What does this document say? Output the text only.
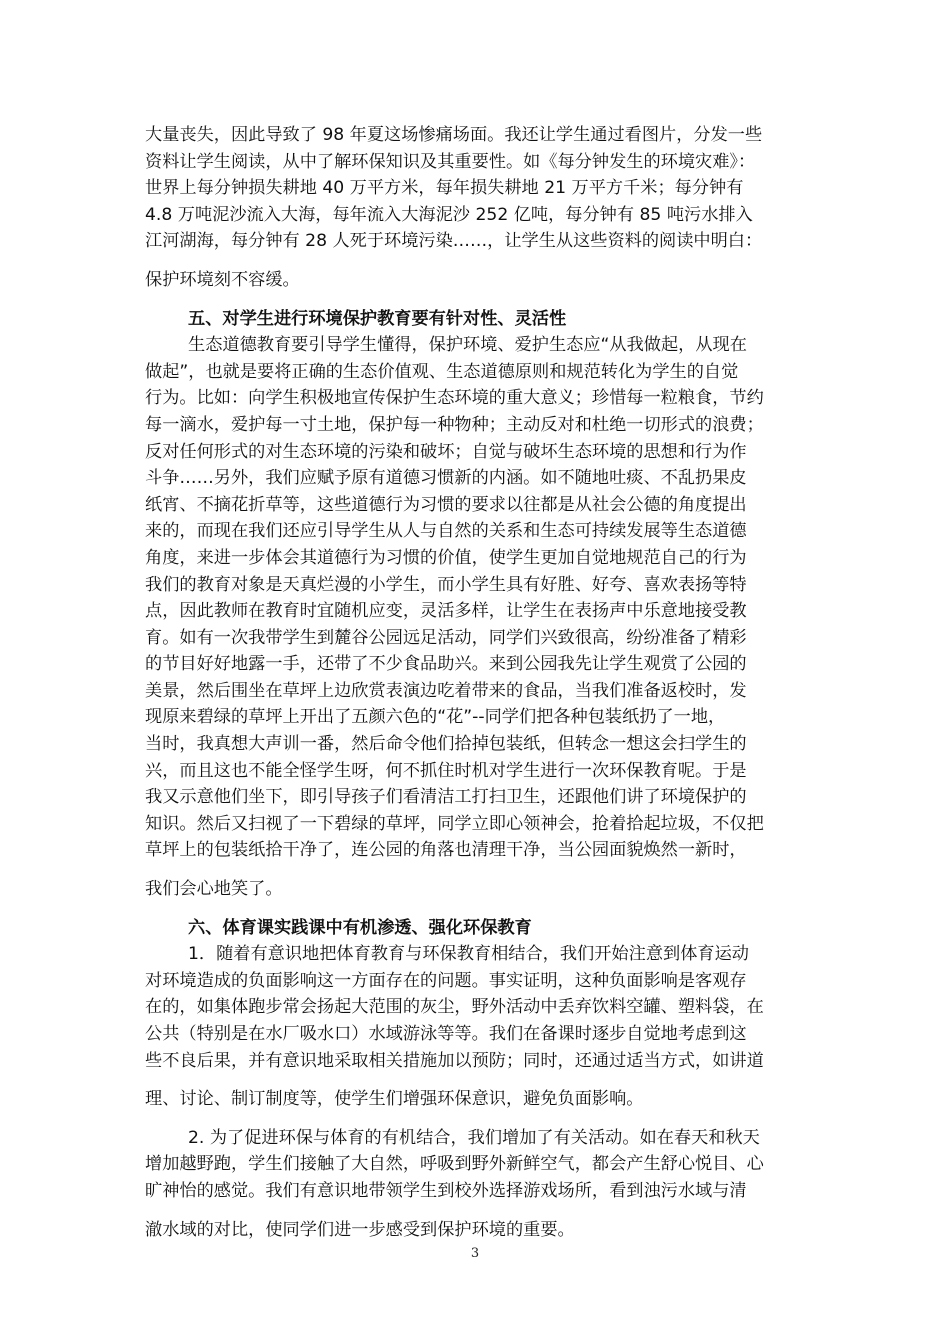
大量丧失，因此导致了 98 年夏这场惨痛场面。我还让学生通过看图片，分发一些
资料让学生阅读，从中了解环保知识及其重要性。如《每分钟发生的环境灾难》：
世界上每分钟损失耕地 40 万平方米，每年损失耕地 21 万平方千米；每分钟有
4.8 万吨泥沙流入大海，每年流入大海泥沙 252 亿吨，每分钟有 85 吨污水排入
江河湖海，每分钟有 28 人死于环境污染……，让学生从这些资料的阅读中明白：
保护环境刻不容缓。
五、对学生进行环境保护教育要有针对性、灵活性
生态道德教育要引导学生懂得，保护环境、爱护生态应“从我做起，从现在
做起”，也就是要将正确的生态价值观、生态道德原则和规范转化为学生的自觉
行为。比如：向学生积极地宣传保护生态环境的重大意义；珍惜每一粒粮食，节约
每一滴水，爱护每一寸土地，保护每一种物种；主动反对和杜绝一切形式的浪费；
反对任何形式的对生态环境的污染和破坏；自觉与破坏生态环境的思想和行为作
斗争……另外，我们应赋予原有道德习惯新的内涵。如不随地吐痰、不乱扔果皮
纸宵、不摘花折草等，这些道德行为习惯的要求以往都是从社会公德的角度提出
来的，而现在我们还应引导学生从人与自然的关系和生态可持续发展等生态道德
角度，来进一步体会其道德行为习惯的价值，使学生更加自觉地规范自己的行为
我们的教育对象是天真烂漫的小学生，而小学生具有好胜、好夸、喜欢表扬等特
点，因此教师在教育时宜随机应变，灵活多样，让学生在表扬声中乐意地接受教
育。如有一次我带学生到麓谷公园远足活动，同学们兴致很高，纷纷准备了精彩
的节目好好地露一手，还带了不少食品助兴。来到公园我先让学生观赏了公园的
美景，然后围坐在草坪上边欣赏表演边吃着带来的食品，当我们准备返校时，发
现原来碧绿的草坪上开出了五颜六色的“花”--同学们把各种包装纸扔了一地，
当时，我真想大声训一番，然后命令他们拾掉包装纸，但转念一想这会扫学生的
兴，而且这也不能全怪学生呀，何不抓住时机对学生进行一次环保教育呢。于是
我又示意他们坐下，即引导孩子们看清洁工打扫卫生，还跟他们讲了环境保护的
知识。然后又扫视了一下碧绿的草坪，同学立即心领神会，抢着拾起垃圾，不仅把
草坪上的包装纸拾干净了，连公园的角落也清理干净，当公园面貌焕然一新时，
我们会心地笑了。
六、体育课实践课中有机渗透、强化环保教育
1．随着有意识地把体育教育与环保教育相结合，我们开始注意到体育运动
对环境造成的负面影响这一方面存在的问题。事实证明，这种负面影响是客观存
在的，如集体跑步常会扬起大范围的灰尘，野外活动中丢弃饮料空罐、塑料袋，在
公共（特别是在水厂吸水口）水域游泳等等。我们在备课时逐步自觉地考虑到这
些不良后果，并有意识地采取相关措施加以预防；同时，还通过适当方式，如讲道
理、讨论、制订制度等，使学生们增强环保意识，避免负面影响。
2. 为了促进环保与体育的有机结合，我们增加了有关活动。如在春天和秋天
增加越野跑，学生们接触了大自然，呼吸到野外新鲜空气，都会产生舒心悦目、心
旷神怡的感觉。我们有意识地带领学生到校外选择游戏场所，看到浊污水域与清
澈水域的对比，使同学们进一步感受到保护环境的重要。
3
